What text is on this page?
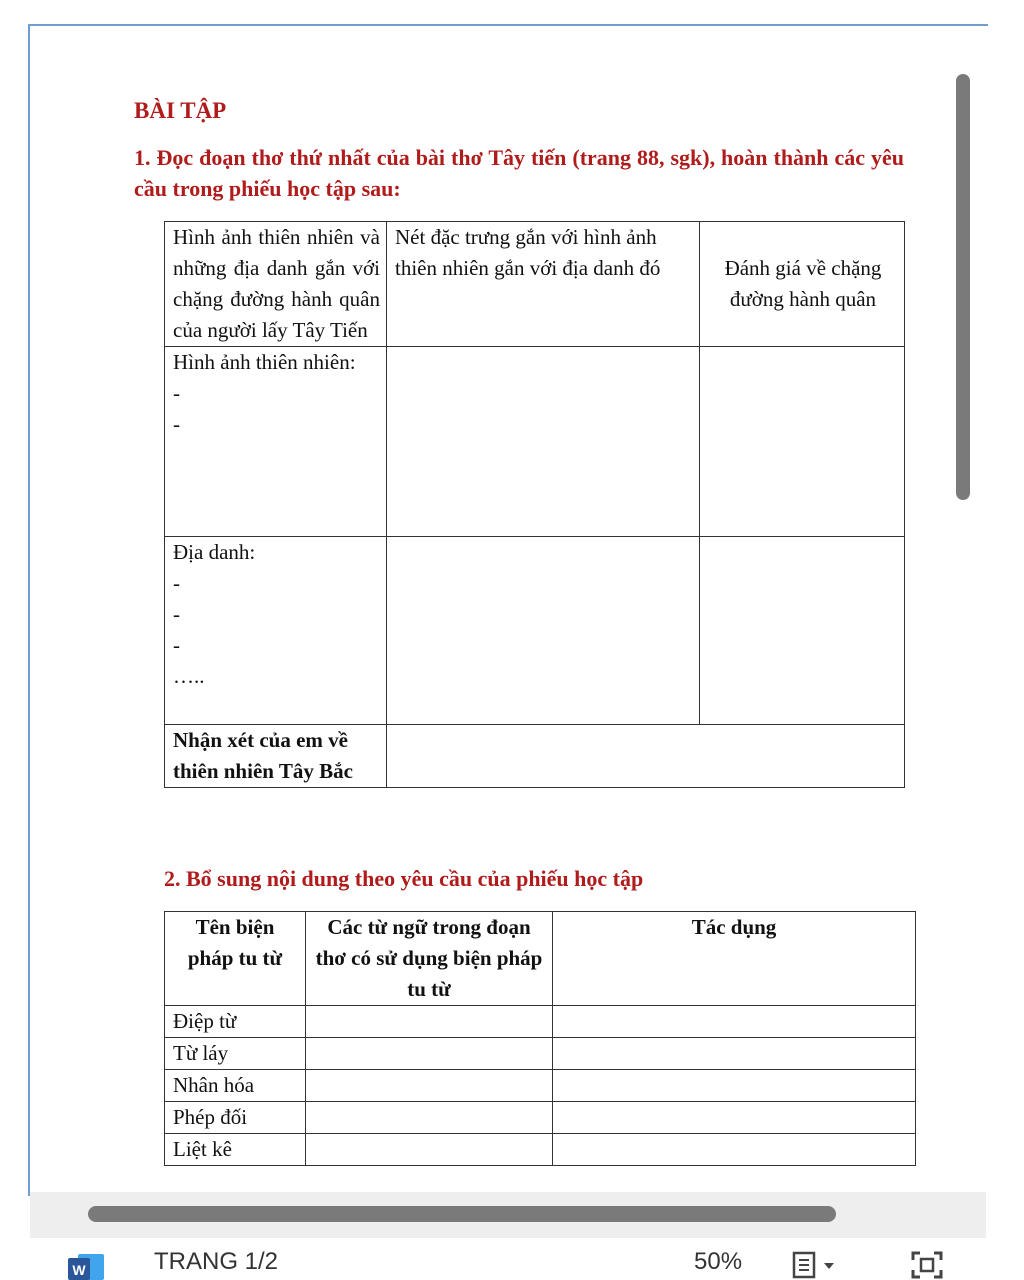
BÀI TẬP
1. Đọc đoạn thơ thứ nhất của bài thơ Tây tiến (trang 88, sgk), hoàn thành các yêu cầu trong phiếu học tập sau:
Hình ảnh thiên nhiên và những địa danh gắn với chặng đường hành quân của người lấy Tây Tiến	Nét đặc trưng gắn với hình ảnh thiên nhiên gắn với địa danh đó	Đánh giá về chặng đường hành quân

Hình ảnh thiên nhiên:
-
-		

Địa danh:
-
-
-
…..		

Nhận xét của em về thiên nhiên Tây Bắc		
2. Bổ sung nội dung theo yêu cầu của phiếu học tập
Tên biện pháp tu từ	Các từ ngữ trong đoạn thơ có sử dụng biện pháp tu từ	Tác dụng
Điệp từ		
Từ láy		
Nhân hóa		
Phép đối		
Liệt kê		
W	TRANG 1/2	50%
